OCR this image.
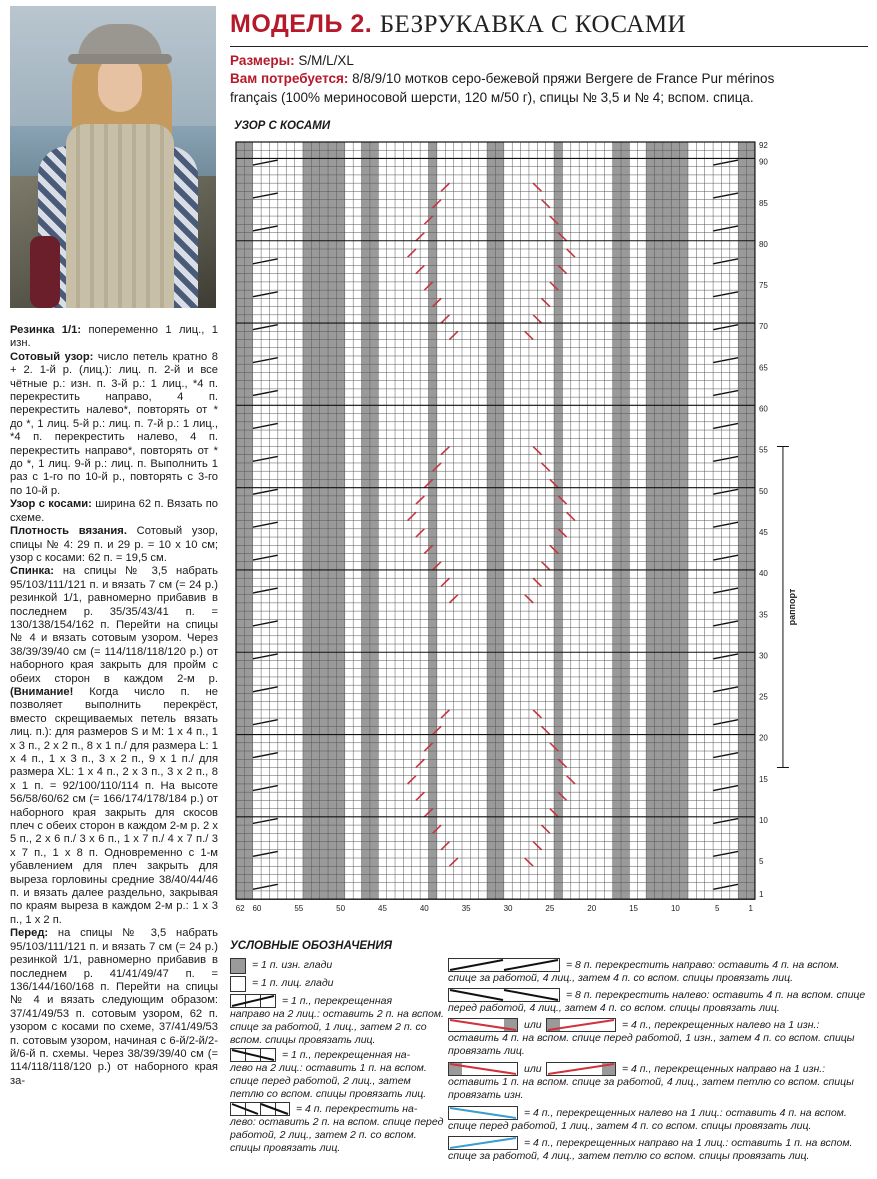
МОДЕЛЬ 2. БЕЗРУКАВКА С КОСАМИ
Размеры: S/M/L/XL
Вам потребуется: 8/8/9/10 мотков серо-бежевой пряжи Bergere de France Pur mérinos
français (100% мериносовой шерсти, 120 м/50 г), спицы № 3,5 и № 4; вспом. спица.
УЗОР С КОСАМИ

Резинка 1/1: попеременно 1 лиц., 1 изн.

Сотовый узор: число петель кратно 8 + 2. 1-й р. (лиц.): лиц. п. 2-й и все чётные р.: изн. п. 3-й р.: 1 лиц., *4 п. перекрестить направо, 4 п. перекрестить налево*, повторять от * до *, 1 лиц. 5-й р.: лиц. п. 7-й р.: 1 лиц., *4 п. перекрестить налево, 4 п. перекрестить направо*, повторять от * до *, 1 лиц. 9-й р.: лиц. п. Выполнить 1 раз с 1-го по 10-й р., повторять с 3-го по 10-й р.

Узор с косами: ширина 62 п. Вязать по схеме.

Плотность вязания. Сотовый узор, спицы № 4: 29 п. и 29 р. = 10 х 10 см; узор с косами: 62 п. = 19,5 см.

Спинка: на спицы № 3,5 набрать 95/103/111/121 п. и вязать 7 см (= 24 р.) резинкой 1/1, равномерно прибавив в последнем р. 35/35/43/41 п. = 130/138/154/162 п. Перейти на спицы № 4 и вязать сотовым узором. Через 38/39/39/40 см (= 114/118/118/120 р.) от наборного края закрыть для пройм с обеих сторон в каждом 2-м р. (Внимание! Когда число п. не позволяет выполнить перекрёст, вместо скрещиваемых петель вязать лиц. п.): для размеров S и M: 1 х 4 п., 1 х 3 п., 2 х 2 п., 8 х 1 п./ для размера L: 1 х 4 п., 1 х 3 п., 3 х 2 п., 9 х 1 п./ для размера XL: 1 х 4 п., 2 х 3 п., 3 х 2 п., 8 х 1 п. = 92/100/110/114 п. На высоте 56/58/60/62 см (= 166/174/178/184 р.) от наборного края закрыть для скосов плеч с обеих сторон в каждом 2-м р. 2 х 5 п., 2 х 6 п./ 3 х 6 п., 1 х 7 п./ 4 х 7 п./ 3 х 7 п., 1 х 8 п. Одновременно с 1-м убавлением для плеч закрыть для выреза горловины средние 38/40/44/46 п. и вязать далее раздельно, закрывая по краям выреза в каждом 2-м р.: 1 х 3 п., 1 х 2 п.

Перед: на спицы № 3,5 набрать 95/103/111/121 п. и вязать 7 см (= 24 р.) резинкой 1/1, равномерно прибавив в последнем р. 41/41/49/47 п. = 136/144/160/168 п. Перейти на спицы № 4 и вязать следующим образом: 37/41/49/53 п. сотовым узором, 62 п. узором с косами по схеме, 37/41/49/53 п. сотовым узором, начиная с 6-й/2-й/2-й/6-й п. схемы. Через 38/39/39/40 см (= 114/118/118/120 р.) от наборного края за-

62 60	55	50	45	40	35	30	25	20	15	10	5	1
1
5
10
15
20
25
30
35
40
45
50
55
60
65
70
75
80
85
90
92
раппорт
УСЛОВНЫЕ ОБОЗНАЧЕНИЯ
= 1 п. изн. глади
= 1 п. лиц. глади
= 1 п., перекрещенная
направо на 2 лиц.: оставить 2 п. на вспом. спице за работой, 1 лиц., затем 2 п. со вспом. спицы провязать лиц.
= 1 п., перекрещенная на-
лево на 2 лиц.: оставить 1 п. на вспом. спице перед работой, 2 лиц., затем петлю со вспом. спицы провязать лиц.
= 4 п. перекрестить на-
лево: оставить 2 п. на вспом. спице перед работой, 2 лиц., затем 2 п. со вспом. спицы провязать лиц.
= 8 п. перекрестить направо: оставить 4 п. на вспом.
спице за работой, 4 лиц., затем 4 п. со вспом. спицы провязать лиц.
= 8 п. перекрестить налево: оставить 4 п. на вспом. спице
перед работой, 4 лиц., затем 4 п. со вспом. спицы провязать лиц.
или	= 4 п., перекрещенных налево на 1 изн.:
оставить 4 п. на вспом. спице перед работой, 1 изн., затем 4 п. со вспом. спицы провязать лиц.
или	= 4 п., перекрещенных направо на 1 изн.:
оставить 1 п. на вспом. спице за работой, 4 лиц., затем петлю со вспом. спицы провязать изн.
= 4 п., перекрещенных налево на 1 лиц.: оставить 4 п. на вспом.
спице перед работой, 1 лиц., затем 4 п. со вспом. спицы провязать лиц.
= 4 п., перекрещенных направо на 1 лиц.: оставить 1 п. на вспом.
спице за работой, 4 лиц., затем петлю со вспом. спицы провязать лиц.
